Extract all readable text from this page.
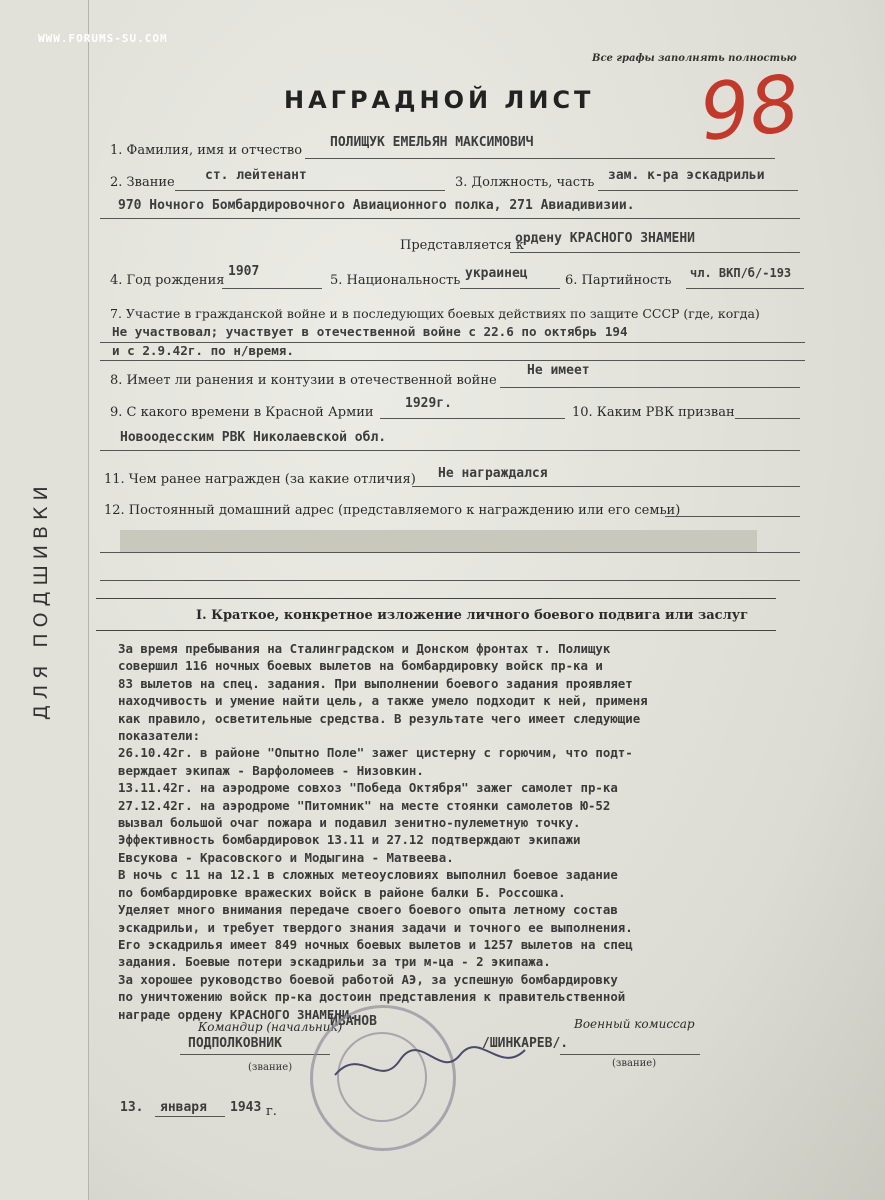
ДЛЯ ПОДШИВКИ
WWW.FORUMS-SU.COM
Все графы заполнять полностью
НАГРАДНОЙ ЛИСТ 98
1. Фамилия, имя и отчество
ПОЛИЩУК ЕМЕЛЬЯН МАКСИМОВИЧ
2. Звание ст. лейтенант	3. Должность, часть зам. к-ра эскадрильи
970 Ночного Бомбардировочного Авиационного полка, 271 Авиадивизии.
Представляется к
ордену КРАСНОГО ЗНАМЕНИ
4. Год рождения
1907
5. Национальность украинец	6. Партийность чл. ВКП/б/-193
7. Участие в гражданской войне и в последующих боевых действиях по защите СССР (где, когда)
Не участвовал; участвует в отечественной войне с 22.6 по октябрь 194
и с 2.9.42г. по н/время.
8. Имеет ли ранения и контузии в отечественной войне
Не имеет
9. С какого времени в Красной Армии
1929г.
10. Каким РВК призван
Новоодесским РВК Николаевской обл.
11. Чем ранее награжден (за какие отличия) Не награждался
12. Постоянный домашний адрес (представляемого к награждению или его семьи)
I. Краткое, конкретное изложение личного боевого подвига или заслуг
За время пребывания на Сталинградском и Донском фронтах т. Полищук
совершил 116 ночных боевых вылетов на бомбардировку войск пр-ка и
83 вылетов на спец. задания. При выполнении боевого задания проявляет
находчивость и умение найти цель, а также умело подходит к ней, применя
как правило, осветительные средства. В результате чего имеет следующие
показатели:
26.10.42г. в районе "Опытно Поле" зажег цистерну с горючим, что подт-
верждает экипаж - Варфоломеев - Низовкин.
13.11.42г. на аэродроме совхоз "Победа Октября" зажег самолет пр-ка
27.12.42г. на аэродроме "Питомник" на месте стоянки самолетов Ю-52
вызвал большой очаг пожара и подавил зенитно-пулеметную точку.
Эффективность бомбардировок 13.11 и 27.12 подтверждают экипажи
Евсукова - Красовского и Модыгина - Матвеева.
В ночь с 11 на 12.1 в сложных метеоусловиях выполнил боевое задание
по бомбардировке вражеских войск в районе балки Б. Россошка.
Уделяет много внимания передаче своего боевого опыта летному состав
эскадрильи, и требует твердого знания задачи и точного ее выполнения.
Его эскадрилья имеет 849 ночных боевых вылетов и 1257 вылетов на спец
задания. Боевые потери эскадрильи за три м-ца - 2 экипажа.
За хорошее руководство боевой работой АЭ, за успешную бомбардировку
по уничтожению войск пр-ка достоин представления к правительственной
награде ордену КРАСНОГО ЗНАМЕНИ.
Командир (начальник)
ИВАНОВ	Военный комиссар
ПОДПОЛКОВНИК	/ШИНКАРЕВ/.
(звание)	(звание)
13. января 1943 г.
